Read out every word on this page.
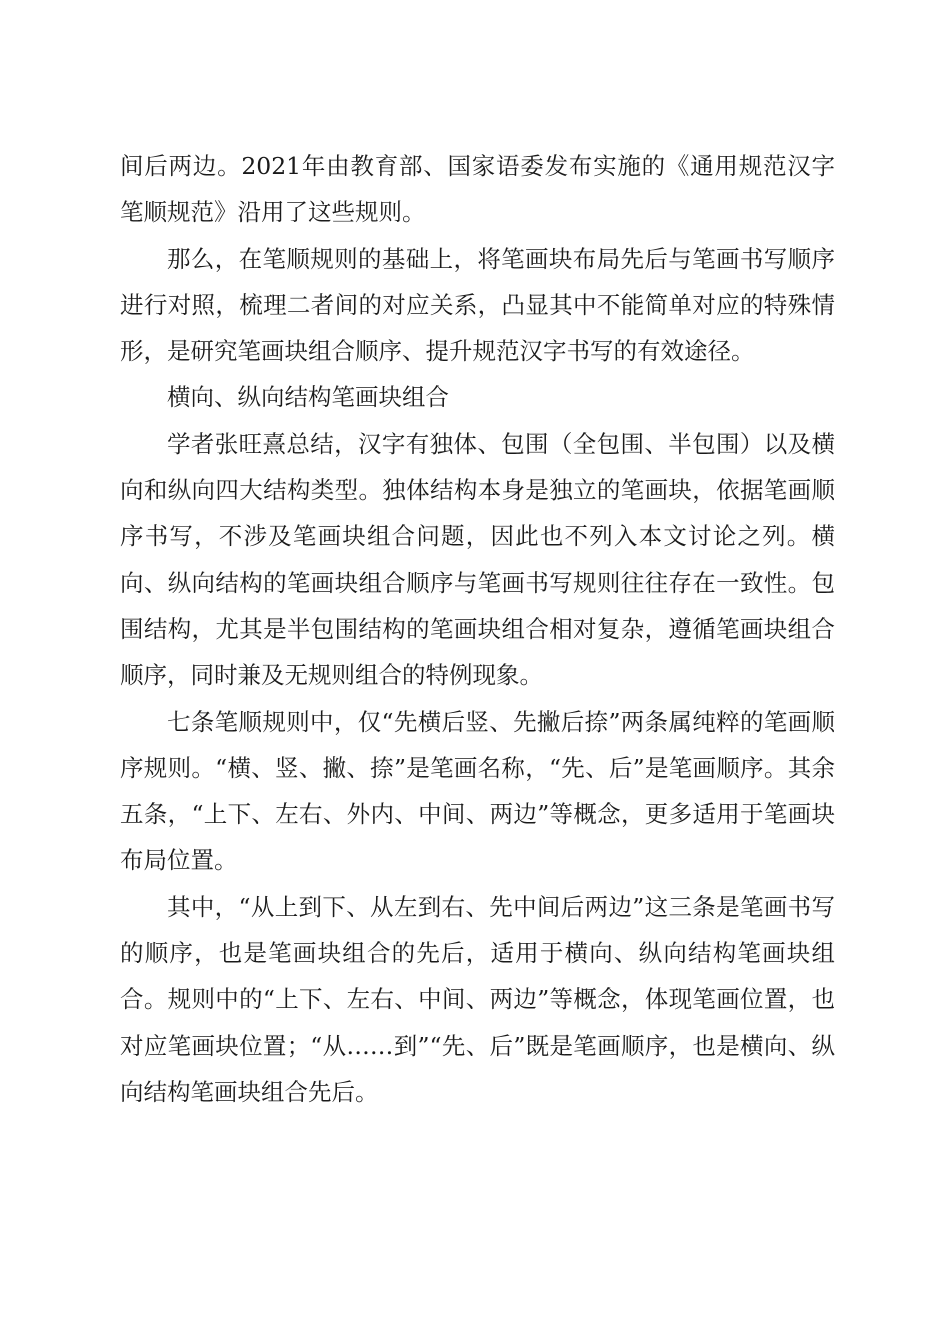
间后两边。2021年由教育部、国家语委发布实施的《通用规范汉字笔顺规范》沿用了这些规则。

那么，在笔顺规则的基础上，将笔画块布局先后与笔画书写顺序进行对照，梳理二者间的对应关系，凸显其中不能简单对应的特殊情形，是研究笔画块组合顺序、提升规范汉字书写的有效途径。

横向、纵向结构笔画块组合

学者张旺熹总结，汉字有独体、包围（全包围、半包围）以及横向和纵向四大结构类型。独体结构本身是独立的笔画块，依据笔画顺序书写，不涉及笔画块组合问题，因此也不列入本文讨论之列。横向、纵向结构的笔画块组合顺序与笔画书写规则往往存在一致性。包围结构，尤其是半包围结构的笔画块组合相对复杂，遵循笔画块组合顺序，同时兼及无规则组合的特例现象。

七条笔顺规则中，仅“先横后竖、先撇后捺”两条属纯粹的笔画顺序规则。“横、竖、撇、捺”是笔画名称，“先、后”是笔画顺序。其余五条，“上下、左右、外内、中间、两边”等概念，更多适用于笔画块布局位置。

其中，“从上到下、从左到右、先中间后两边”这三条是笔画书写的顺序，也是笔画块组合的先后，适用于横向、纵向结构笔画块组合。规则中的“上下、左右、中间、两边”等概念，体现笔画位置，也对应笔画块位置；“从……到”“先、后”既是笔画顺序，也是横向、纵向结构笔画块组合先后。
